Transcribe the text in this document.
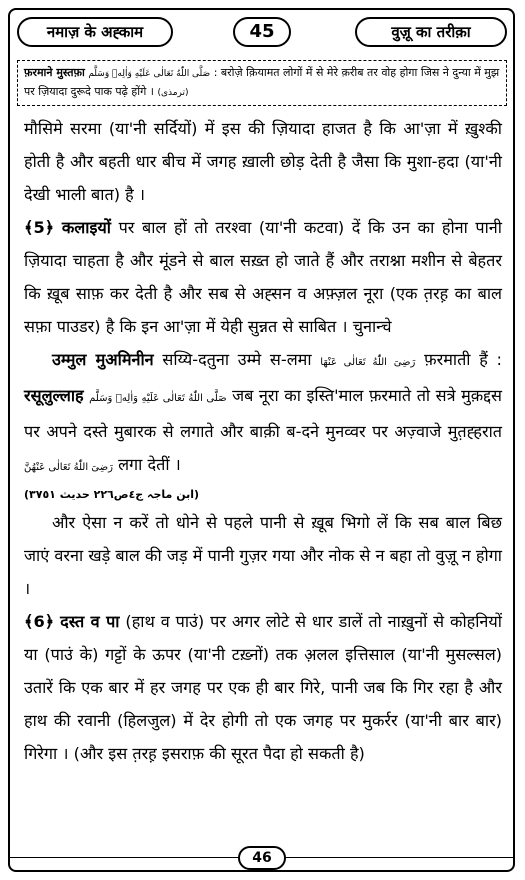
नमाज़ के अह्काम	45	वुज़ू का तरीक़ा
फ़रमाने मुस्तफ़ा صَلَّى اللّٰهُ تَعَالٰى عَلَيْهِ وَاٰلِهٖ وَسَلَّم : बरोज़े क़ियामत लोगों में से मेरे क़रीब तर वोह होगा जिस ने दुन्या में मुझ पर ज़ियादा दुरूदे पाक पढ़े होंगे । (ترمذی)

मौसिमे सरमा (या'नी सर्दियों) में इस की ज़ियादा हाजत है कि आ'ज़ा में ख़ुश्की होती है और बहती धार बीच में जगह ख़ाली छोड़ देती है जैसा कि मुशा-हदा (या'नी देखी भाली बात) है ।

﴾5﴿ कलाइयों पर बाल हों तो तरश्वा (या'नी कटवा) दें कि उन का होना पानी ज़ियादा चाहता है और मूंडने से बाल सख़्त हो जाते हैं और तराश्ना मशीन से बेहतर कि ख़ूब साफ़ कर देती है और सब से अह्सन व अफ़्ज़ल नूरा (एक त़रह़ का बाल सफ़ा पाउडर) है कि इन आ'ज़ा में येही सुन्नत से साबित । चुनान्चे

उम्मुल मुअमिनीन सय्यि-दतुना उम्मे स-लमा رَضِیَ اللّٰهُ تَعَالٰى عَنْهَا फ़रमाती हैं : रसूलुल्लाह صَلَّى اللّٰهُ تَعَالٰى عَلَيْهِ وَاٰلِهٖ وَسَلَّم जब नूरा का इस्ति'माल फ़रमाते तो सत्रे मुक़द्दस पर अपने दस्ते मुबारक से लगाते और बाक़ी ब-दने मुनव्वर पर अज़्वाजे मुत़ह्हरात رَضِیَ اللّٰهُ تَعَالٰى عَنْهُنَّ लगा देतीं ।

(ابن ماجہ ج٤ص٢٢٦ حديث ٣٧٥١)

और ऐसा न करें तो धोने से पहले पानी से ख़ूब भिगो लें कि सब बाल बिछ जाएं वरना खड़े बाल की जड़ में पानी गुज़र गया और नोक से न बहा तो वुज़ू न होगा ।

﴾6﴿ दस्त व पा (हाथ व पाउं) पर अगर लोटे से धार डालें तो नाख़ुनों से कोहनियों या (पाउं के) गट्टों के ऊपर (या'नी टख़्नों) तक अ़लल इत्तिसाल (या'नी मुसल्सल) उतारें कि एक बार में हर जगह पर एक ही बार गिरे, पानी जब कि गिर रहा है और हाथ की रवानी (हिलजुल) में देर होगी तो एक जगह पर मुकर्रर (या'नी बार बार) गिरेगा । (और इस त़रह़ इसराफ़ की सूरत पैदा हो सकती है)

46
